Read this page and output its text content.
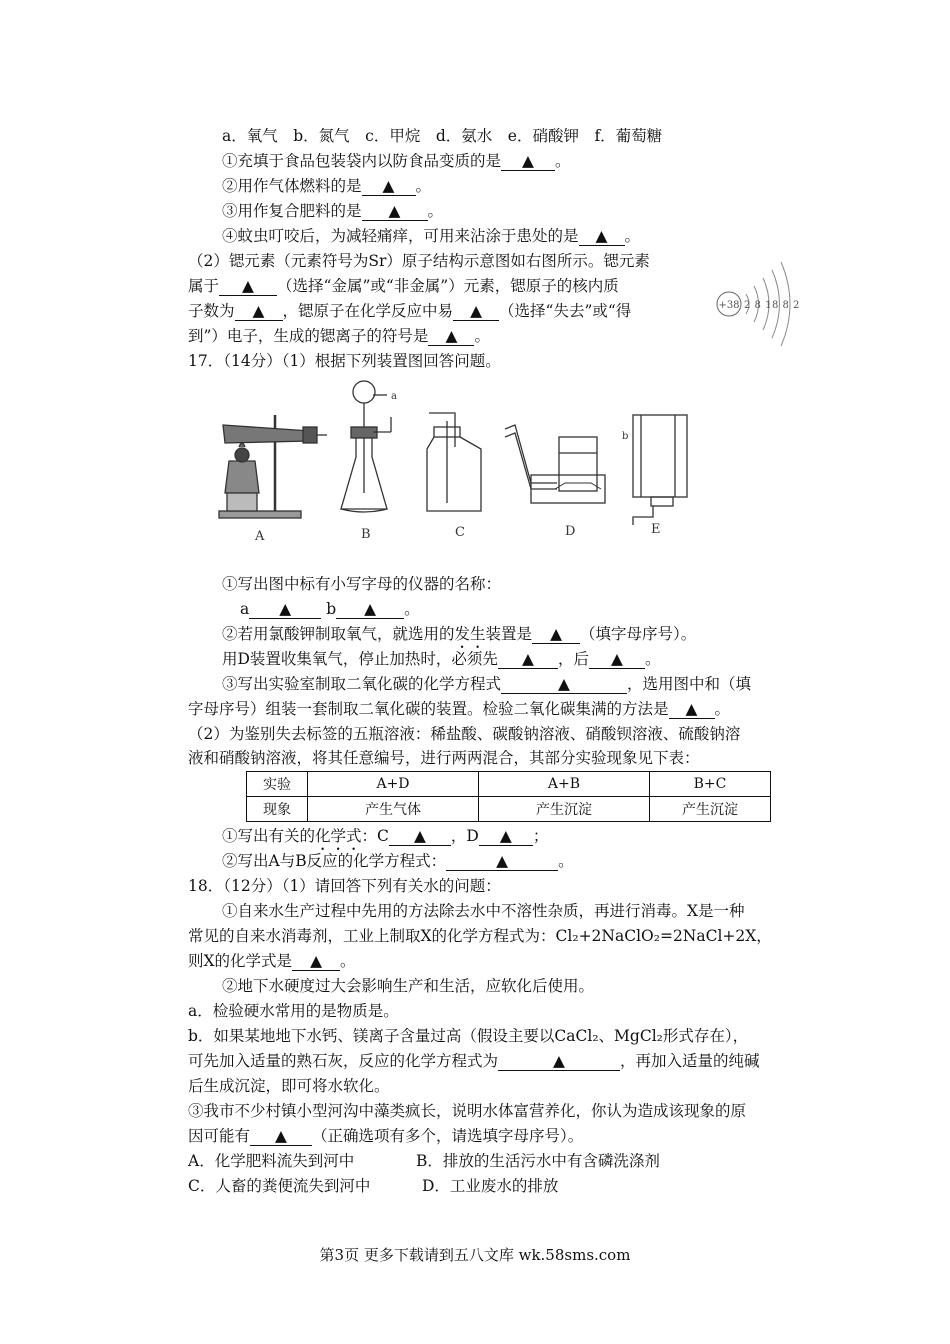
a．氧气　b．氮气　c．甲烷　d．氨水　e．硝酸钾　f．葡萄糖
①充填于食品包装袋内以防食品变质的是 ▲ 。
②用作气体燃料的是 ▲ 。
③用作复合肥料的是 ▲ 。
④蚊虫叮咬后，为减轻痛痒，可用来沾涂于患处的是 ▲ 。
（2）锶元素（元素符号为Sr）原子结构示意图如右图所示。锶元素
属于 ▲ （选择“金属”或“非金属”）元素，锶原子的核内质
子数为 ▲ ，锶原子在化学反应中易 ▲ （选择“失去”或“得
到”）电子，生成的锶离子的符号是 ▲ 。
+38 2 8 18 8 2
17．（14分）（1）根据下列装置图回答问题。
a
b
A	B	C	D	E
①写出图中标有小写字母的仪器的名称：
a ▲ b ▲ 。
②若用氯酸钾制取氧气，就选用的发生装置是 ▲ （填字母序号）。
用D装置收集氧气，停止加热时，必须先 ▲ ，后 ▲ 。
③写出实验室制取二氧化碳的化学方程式	▲	，选用图中和（填
字母序号）组装一套制取二氧化碳的装置。检验二氧化碳集满的方法是 ▲ 。
（2）为鉴别失去标签的五瓶溶液：稀盐酸、碳酸钠溶液、硝酸钡溶液、硫酸钠溶
液和硝酸钠溶液，将其任意编号，进行两两混合，其部分实验现象见下表：
实验	A+D	A+B	B+C
现象	产生气体	产生沉淀	产生沉淀
①写出有关的化学式：C ▲ ，D ▲ ；
②写出A与B反应的化学方程式：	▲	。
18．（12分）（1）请回答下列有关水的问题：
①自来水生产过程中先用的方法除去水中不溶性杂质，再进行消毒。X是一种
常见的自来水消毒剂，工业上制取X的化学方程式为：Cl₂+2NaClO₂=2NaCl+2X，
则X的化学式是 ▲ 。
②地下水硬度过大会影响生产和生活，应软化后使用。
a．检验硬水常用的是物质是。
b．如果某地地下水钙、镁离子含量过高（假设主要以CaCl₂、MgCl₂形式存在），
可先加入适量的熟石灰，反应的化学方程式为	▲	，再加入适量的纯碱
后生成沉淀，即可将水软化。
③我市不少村镇小型河沟中藻类疯长，说明水体富营养化，你认为造成该现象的原
因可能有 ▲ （正确选项有多个，请选填字母序号）。
A．化学肥料流失到河中	B．排放的生活污水中有含磷洗涤剂
C．人畜的粪便流失到河中	D．工业废水的排放
第3页 更多下载请到五八文库 wk.58sms.com
